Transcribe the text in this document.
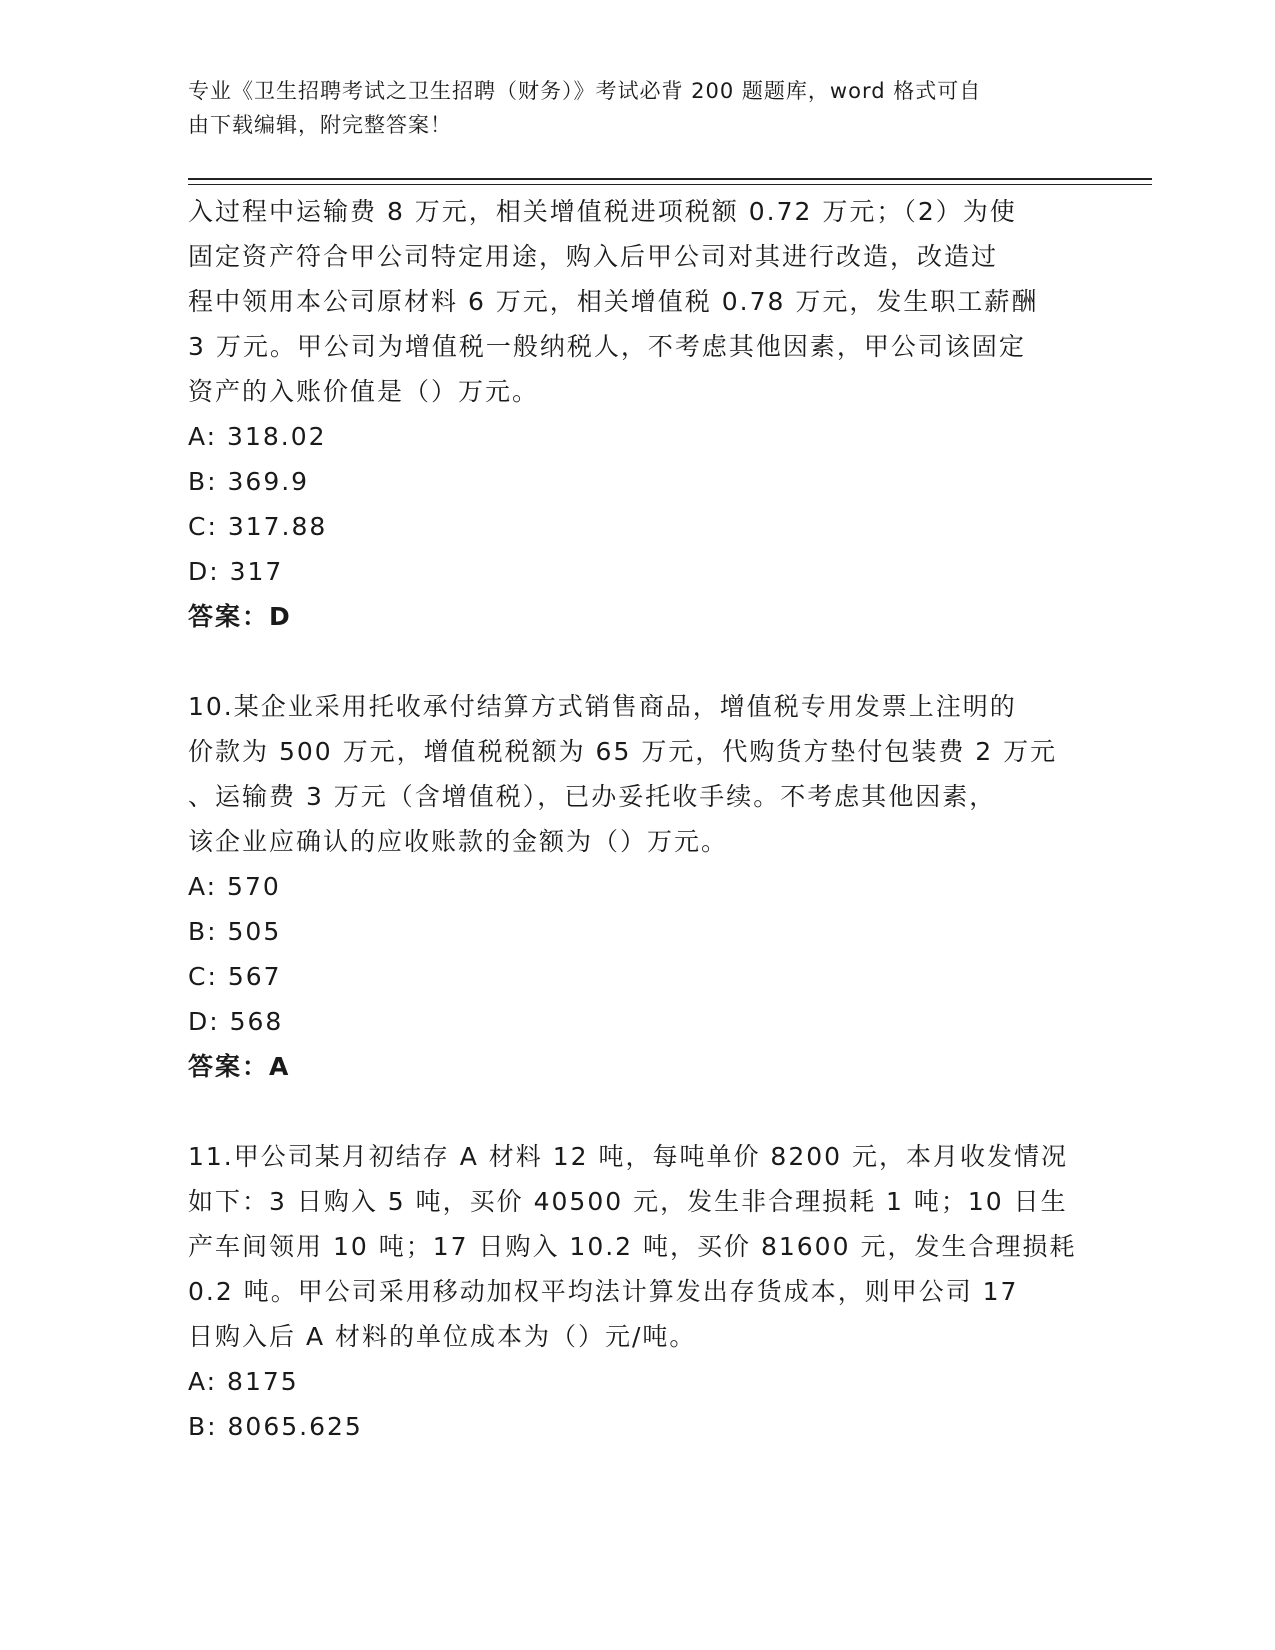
专业《卫生招聘考试之卫生招聘（财务）》考试必背 200 题题库，word 格式可自
由下载编辑，附完整答案！

入过程中运输费 8 万元，相关增值税进项税额 0.72 万元；（2）为使

固定资产符合甲公司特定用途，购入后甲公司对其进行改造，改造过

程中领用本公司原材料 6 万元，相关增值税 0.78 万元，发生职工薪酬

3 万元。甲公司为增值税一般纳税人，不考虑其他因素，甲公司该固定

资产的入账价值是（）万元。

A: 318.02

B: 369.9

C: 317.88

D: 317

答案：D

10.某企业采用托收承付结算方式销售商品，增值税专用发票上注明的

价款为 500 万元，增值税税额为 65 万元，代购货方垫付包装费 2 万元

、运输费 3 万元（含增值税），已办妥托收手续。不考虑其他因素，

该企业应确认的应收账款的金额为（）万元。

A: 570

B: 505

C: 567

D: 568

答案：A

11.甲公司某月初结存 A 材料 12 吨，每吨单价 8200 元，本月收发情况

如下：3 日购入 5 吨，买价 40500 元，发生非合理损耗 1 吨；10 日生

产车间领用 10 吨；17 日购入 10.2 吨，买价 81600 元，发生合理损耗

0.2 吨。甲公司采用移动加权平均法计算发出存货成本，则甲公司 17

日购入后 A 材料的单位成本为（）元/吨。

A: 8175

B: 8065.625
